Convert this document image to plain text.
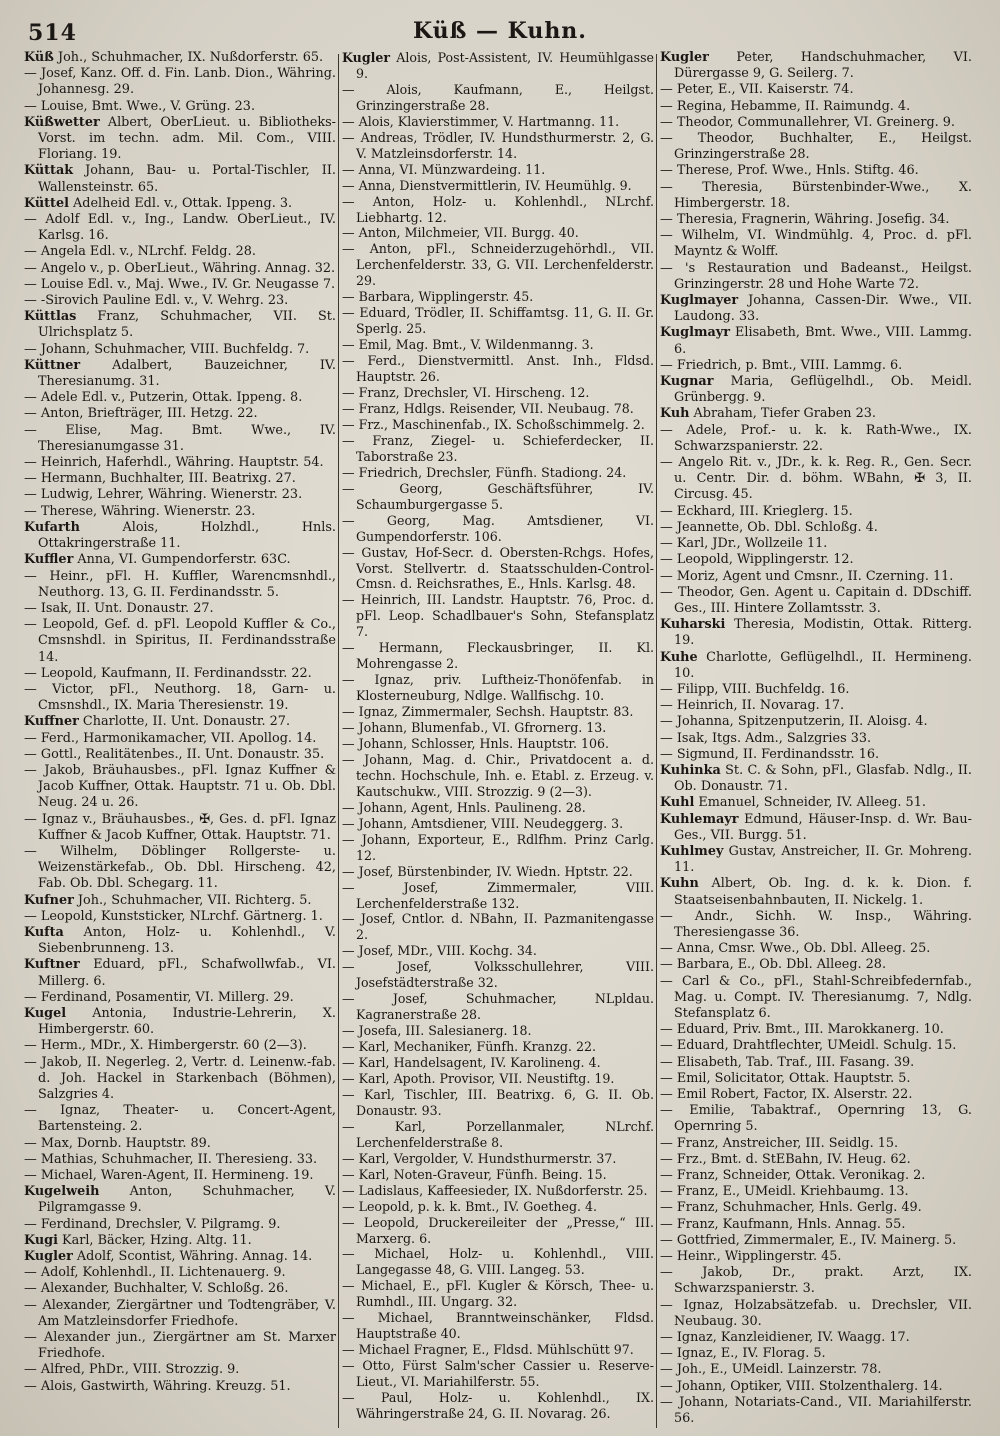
514	Küß — Kuhn.

Küß Joh., Schuhmacher, IX. Nußdorferstr. 65.

— Josef, Kanz. Off. d. Fin. Lanb. Dion., Währing. Johannesg. 29.

— Louise, Bmt. Wwe., V. Grüng. 23.

Küßwetter Albert, OberLieut. u. Bibliotheks-Vorst. im techn. adm. Mil. Com., VIII. Floriang. 19.

Küttak Johann, Bau- u. Portal-Tischler, II. Wallensteinstr. 65.

Küttel Adelheid Edl. v., Ottak. Ippeng. 3.

— Adolf Edl. v., Ing., Landw. OberLieut., IV. Karlsg. 16.

— Angela Edl. v., NLrchf. Feldg. 28.

— Angelo v., p. OberLieut., Währing. Annag. 32.

— Louise Edl. v., Maj. Wwe., IV. Gr. Neugasse 7.

— -Sirovich Pauline Edl. v., V. Wehrg. 23.

Küttlas Franz, Schuhmacher, VII. St. Ulrichsplatz 5.

— Johann, Schuhmacher, VIII. Buchfeldg. 7.

Küttner Adalbert, Bauzeichner, IV. Theresianumg. 31.

— Adele Edl. v., Putzerin, Ottak. Ippeng. 8.

— Anton, Briefträger, III. Hetzg. 22.

— Elise, Mag. Bmt. Wwe., IV. Theresianumgasse 31.

— Heinrich, Haferhdl., Währing. Hauptstr. 54.

— Hermann, Buchhalter, III. Beatrixg. 27.

— Ludwig, Lehrer, Währing. Wienerstr. 23.

— Therese, Währing. Wienerstr. 23.

Kufarth Alois, Holzhdl., Hnls. Ottakringerstraße 11.

Kuffler Anna, VI. Gumpendorferstr. 63C.

— Heinr., pFl. H. Kuffler, Warencmsnhdl., Neuthorg. 13, G. II. Ferdinandsstr. 5.

— Isak, II. Unt. Donaustr. 27.

— Leopold, Gef. d. pFl. Leopold Kuffler & Co., Cmsnshdl. in Spiritus, II. Ferdinandsstraße 14.

— Leopold, Kaufmann, II. Ferdinandsstr. 22.

— Victor, pFl., Neuthorg. 18, Garn- u. Cmsnshdl., IX. Maria Theresienstr. 19.

Kuffner Charlotte, II. Unt. Donaustr. 27.

— Ferd., Harmonikamacher, VII. Apollog. 14.

— Gottl., Realitätenbes., II. Unt. Donaustr. 35.

— Jakob, Bräuhausbes., pFl. Ignaz Kuffner & Jacob Kuffner, Ottak. Hauptstr. 71 u. Ob. Dbl. Neug. 24 u. 26.

— Ignaz v., Bräuhausbes., ✠, Ges. d. pFl. Ignaz Kuffner & Jacob Kuffner, Ottak. Hauptstr. 71.

— Wilhelm, Döblinger Rollgerste- u. Weizenstärkefab., Ob. Dbl. Hirscheng. 42, Fab. Ob. Dbl. Schegarg. 11.

Kufner Joh., Schuhmacher, VII. Richterg. 5.

— Leopold, Kunststicker, NLrchf. Gärtnerg. 1.

Kufta Anton, Holz- u. Kohlenhdl., V. Siebenbrunneng. 13.

Kuftner Eduard, pFl., Schafwollwfab., VI. Millerg. 6.

— Ferdinand, Posamentir, VI. Millerg. 29.

Kugel Antonia, Industrie-Lehrerin, X. Himbergerstr. 60.

— Herm., MDr., X. Himbergerstr. 60 (2—3).

— Jakob, II. Negerleg. 2, Vertr. d. Leinenw.-fab. d. Joh. Hackel in Starkenbach (Böhmen), Salzgries 4.

— Ignaz, Theater- u. Concert-Agent, Bartensteing. 2.

— Max, Dornb. Hauptstr. 89.

— Mathias, Schuhmacher, II. Theresieng. 33.

— Michael, Waren-Agent, II. Hermineng. 19.

Kugelweih Anton, Schuhmacher, V. Pilgramgasse 9.

— Ferdinand, Drechsler, V. Pilgramg. 9.

Kugi Karl, Bäcker, Hzing. Altg. 11.

Kugler Adolf, Scontist, Währing. Annag. 14.

— Adolf, Kohlenhdl., II. Lichtenauerg. 9.

— Alexander, Buchhalter, V. Schloßg. 26.

— Alexander, Ziergärtner und Todtengräber, V. Am Matzleinsdorfer Friedhofe.

— Alexander jun., Ziergärtner am St. Marxer Friedhofe.

— Alfred, PhDr., VIII. Strozzig. 9.

— Alois, Gastwirth, Währing. Kreuzg. 51.

Kugler Alois, Post-Assistent, IV. Heumühlgasse 9.

— Alois, Kaufmann, E., Heilgst. Grinzingerstraße 28.

— Alois, Klavierstimmer, V. Hartmanng. 11.

— Andreas, Trödler, IV. Hundsthurmerstr. 2, G. V. Matzleinsdorferstr. 14.

— Anna, VI. Münzwardeing. 11.

— Anna, Dienstvermittlerin, IV. Heumühlg. 9.

— Anton, Holz- u. Kohlenhdl., NLrchf. Liebhartg. 12.

— Anton, Milchmeier, VII. Burgg. 40.

— Anton, pFl., Schneiderzugehörhdl., VII. Lerchenfelderstr. 33, G. VII. Lerchenfelderstr. 29.

— Barbara, Wipplingerstr. 45.

— Eduard, Trödler, II. Schiffamtsg. 11, G. II. Gr. Sperlg. 25.

— Emil, Mag. Bmt., V. Wildenmanng. 3.

— Ferd., Dienstvermittl. Anst. Inh., Fldsd. Hauptstr. 26.

— Franz, Drechsler, VI. Hirscheng. 12.

— Franz, Hdlgs. Reisender, VII. Neubaug. 78.

— Frz., Maschinenfab., IX. Schoßschimmelg. 2.

— Franz, Ziegel- u. Schieferdecker, II. Taborstraße 23.

— Friedrich, Drechsler, Fünfh. Stadiong. 24.

— Georg, Geschäftsführer, IV. Schaumburgergasse 5.

— Georg, Mag. Amtsdiener, VI. Gumpendorferstr. 106.

— Gustav, Hof-Secr. d. Obersten-Rchgs. Hofes, Vorst. Stellvertr. d. Staatsschulden-Control-Cmsn. d. Reichsrathes, E., Hnls. Karlsg. 48.

— Heinrich, III. Landstr. Hauptstr. 76, Proc. d. pFl. Leop. Schadlbauer's Sohn, Stefansplatz 7.

— Hermann, Fleckausbringer, II. Kl. Mohrengasse 2.

— Ignaz, priv. Luftheiz-Thonöfenfab. in Klosterneuburg, Ndlge. Wallfischg. 10.

— Ignaz, Zimmermaler, Sechsh. Hauptstr. 83.

— Johann, Blumenfab., VI. Gfrornerg. 13.

— Johann, Schlosser, Hnls. Hauptstr. 106.

— Johann, Mag. d. Chir., Privatdocent a. d. techn. Hochschule, Inh. e. Etabl. z. Erzeug. v. Kautschukw., VIII. Strozzig. 9 (2—3).

— Johann, Agent, Hnls. Paulineng. 28.

— Johann, Amtsdiener, VIII. Neudeggerg. 3.

— Johann, Exporteur, E., Rdlfhm. Prinz Carlg. 12.

— Josef, Bürstenbinder, IV. Wiedn. Hptstr. 22.

— Josef, Zimmermaler, VIII. Lerchenfelderstraße 132.

— Josef, Cntlor. d. NBahn, II. Pazmanitengasse 2.

— Josef, MDr., VIII. Kochg. 34.

— Josef, Volksschullehrer, VIII. Josefstädterstraße 32.

— Josef, Schuhmacher, NLpldau. Kagranerstraße 28.

— Josefa, III. Salesianerg. 18.

— Karl, Mechaniker, Fünfh. Kranzg. 22.

— Karl, Handelsagent, IV. Karolineng. 4.

— Karl, Apoth. Provisor, VII. Neustiftg. 19.

— Karl, Tischler, III. Beatrixg. 6, G. II. Ob. Donaustr. 93.

— Karl, Porzellanmaler, NLrchf. Lerchenfelderstraße 8.

— Karl, Vergolder, V. Hundsthurmerstr. 37.

— Karl, Noten-Graveur, Fünfh. Being. 15.

— Ladislaus, Kaffeesieder, IX. Nußdorferstr. 25.

— Leopold, p. k. k. Bmt., IV. Goetheg. 4.

— Leopold, Druckereileiter der „Presse,“ III. Marxerg. 6.

— Michael, Holz- u. Kohlenhdl., VIII. Langegasse 48, G. VIII. Langeg. 53.

— Michael, E., pFl. Kugler & Körsch, Thee- u. Rumhdl., III. Ungarg. 32.

— Michael, Branntweinschänker, Fldsd. Hauptstraße 40.

— Michael Fragner, E., Fldsd. Mühlschütt 97.

— Otto, Fürst Salm'scher Cassier u. Reserve-Lieut., VI. Mariahilferstr. 55.

— Paul, Holz- u. Kohlenhdl., IX. Währingerstraße 24, G. II. Novarag. 26.

Kugler Peter, Handschuhmacher, VI. Dürergasse 9, G. Seilerg. 7.

— Peter, E., VII. Kaiserstr. 74.

— Regina, Hebamme, II. Raimundg. 4.

— Theodor, Communallehrer, VI. Greinerg. 9.

— Theodor, Buchhalter, E., Heilgst. Grinzingerstraße 28.

— Therese, Prof. Wwe., Hnls. Stiftg. 46.

— Theresia, Bürstenbinder-Wwe., X. Himbergerstr. 18.

— Theresia, Fragnerin, Währing. Josefig. 34.

— Wilhelm, VI. Windmühlg. 4, Proc. d. pFl. Mayntz & Wolff.

— 's Restauration und Badeanst., Heilgst. Grinzingerstr. 28 und Hohe Warte 72.

Kuglmayer Johanna, Cassen-Dir. Wwe., VII. Laudong. 33.

Kuglmayr Elisabeth, Bmt. Wwe., VIII. Lammg. 6.

— Friedrich, p. Bmt., VIII. Lammg. 6.

Kugnar Maria, Geflügelhdl., Ob. Meidl. Grünbergg. 9.

Kuh Abraham, Tiefer Graben 23.

— Adele, Prof.- u. k. k. Rath-Wwe., IX. Schwarzspanierstr. 22.

— Angelo Rit. v., JDr., k. k. Reg. R., Gen. Secr. u. Centr. Dir. d. böhm. WBahn, ✠ 3, II. Circusg. 45.

— Eckhard, III. Krieglerg. 15.

— Jeannette, Ob. Dbl. Schloßg. 4.

— Karl, JDr., Wollzeile 11.

— Leopold, Wipplingerstr. 12.

— Moriz, Agent und Cmsnr., II. Czerning. 11.

— Theodor, Gen. Agent u. Capitain d. DDschiff. Ges., III. Hintere Zollamtsstr. 3.

Kuharski Theresia, Modistin, Ottak. Ritterg. 19.

Kuhe Charlotte, Geflügelhdl., II. Hermineng. 10.

— Filipp, VIII. Buchfeldg. 16.

— Heinrich, II. Novarag. 17.

— Johanna, Spitzenputzerin, II. Aloisg. 4.

— Isak, Itgs. Adm., Salzgries 33.

— Sigmund, II. Ferdinandsstr. 16.

Kuhinka St. C. & Sohn, pFl., Glasfab. Ndlg., II. Ob. Donaustr. 71.

Kuhl Emanuel, Schneider, IV. Alleeg. 51.

Kuhlemayr Edmund, Häuser-Insp. d. Wr. Bau-Ges., VII. Burgg. 51.

Kuhlmey Gustav, Anstreicher, II. Gr. Mohreng. 11.

Kuhn Albert, Ob. Ing. d. k. k. Dion. f. Staatseisenbahnbauten, II. Nickelg. 1.

— Andr., Sichh. W. Insp., Währing. Theresiengasse 36.

— Anna, Cmsr. Wwe., Ob. Dbl. Alleeg. 25.

— Barbara, E., Ob. Dbl. Alleeg. 28.

— Carl & Co., pFl., Stahl-Schreibfedernfab., Mag. u. Compt. IV. Theresianumg. 7, Ndlg. Stefansplatz 6.

— Eduard, Priv. Bmt., III. Marokkanerg. 10.

— Eduard, Drahtflechter, UMeidl. Schulg. 15.

— Elisabeth, Tab. Traf., III. Fasang. 39.

— Emil, Solicitator, Ottak. Hauptstr. 5.

— Emil Robert, Factor, IX. Alserstr. 22.

— Emilie, Tabaktraf., Opernring 13, G. Opernring 5.

— Franz, Anstreicher, III. Seidlg. 15.

— Frz., Bmt. d. StEBahn, IV. Heug. 62.

— Franz, Schneider, Ottak. Veronikag. 2.

— Franz, E., UMeidl. Kriehbaumg. 13.

— Franz, Schuhmacher, Hnls. Gerlg. 49.

— Franz, Kaufmann, Hnls. Annag. 55.

— Gottfried, Zimmermaler, E., IV. Mainerg. 5.

— Heinr., Wipplingerstr. 45.

— Jakob, Dr., prakt. Arzt, IX. Schwarzspanierstr. 3.

— Ignaz, Holzabsätzefab. u. Drechsler, VII. Neubaug. 30.

— Ignaz, Kanzleidiener, IV. Waagg. 17.

— Ignaz, E., IV. Florag. 5.

— Joh., E., UMeidl. Lainzerstr. 78.

— Johann, Optiker, VIII. Stolzenthalerg. 14.

— Johann, Notariats-Cand., VII. Mariahilferstr. 56.
